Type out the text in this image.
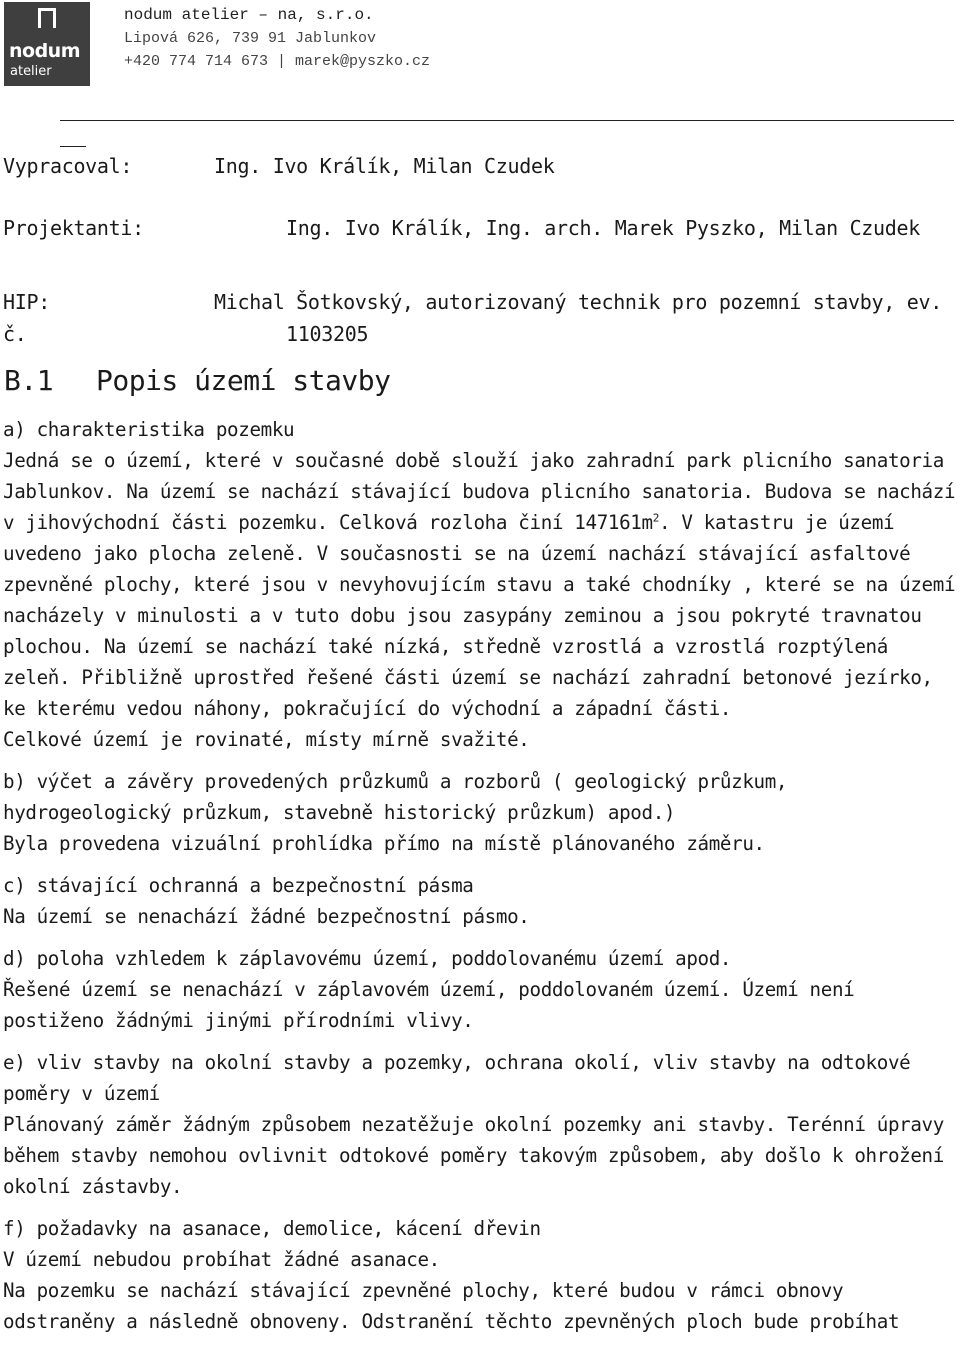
nodum
atelier
nodum atelier – na, s.r.o.
Lipová 626, 739 91 Jablunkov
+420 774 714 673 | marek@pyszko.cz
Vypracoval:	Ing. Ivo Králík, Milan Czudek
Projektanti:	Ing. Ivo Králík, Ing. arch. Marek Pyszko, Milan Czudek
HIP:	Michal Šotkovský, autorizovaný technik pro pozemní stavby, ev.
č.	1103205
B.1 Popis území stavby

a) charakteristika pozemku

Jedná se o území, které v současné době slouží jako zahradní park plicního sanatoria Jablunkov. Na území se nachází stávající budova plicního sanatoria. Budova se nachází v jihovýchodní části pozemku. Celková rozloha činí $147161m^2$. V katastru je území uvedeno jako plocha zeleně. V současnosti se na území nachází stávající asfaltové zpevněné plochy, které jsou v nevyhovujícím stavu a také chodníky , které se na území nacházely v minulosti a v tuto dobu jsou zasypány zeminou a jsou pokryté travnatou plochou. Na území se nachází také nízká, středně vzrostlá a vzrostlá rozptýlená zeleň. Přibližně uprostřed řešené části území se nachází zahradní betonové jezírko, ke kterému vedou náhony, pokračující do východní a západní části.

Celkové území je rovinaté, místy mírně svažité.

b) výčet a závěry provedených průzkumů a rozborů ( geologický průzkum, hydrogeologický průzkum, stavebně historický průzkum) apod.)

Byla provedena vizuální prohlídka přímo na místě plánovaného záměru.

c) stávající ochranná a bezpečnostní pásma

Na území se nenachází žádné bezpečnostní pásmo.

d) poloha vzhledem k záplavovému území, poddolovanému území apod.

Řešené území se nenachází v záplavovém území, poddolovaném území. Území není postiženo žádnými jinými přírodními vlivy.

e) vliv stavby na okolní stavby a pozemky, ochrana okolí, vliv stavby na odtokové poměry v území

Plánovaný záměr žádným způsobem nezatěžuje okolní pozemky ani stavby. Terénní úpravy během stavby nemohou ovlivnit odtokové poměry takovým způsobem, aby došlo k ohrožení okolní zástavby.

f) požadavky na asanace, demolice, kácení dřevin

V území nebudou probíhat žádné asanace.

Na pozemku se nachází stávající zpevněné plochy, které budou v rámci obnovy odstraněny a následně obnoveny. Odstranění těchto zpevněných ploch bude probíhat
